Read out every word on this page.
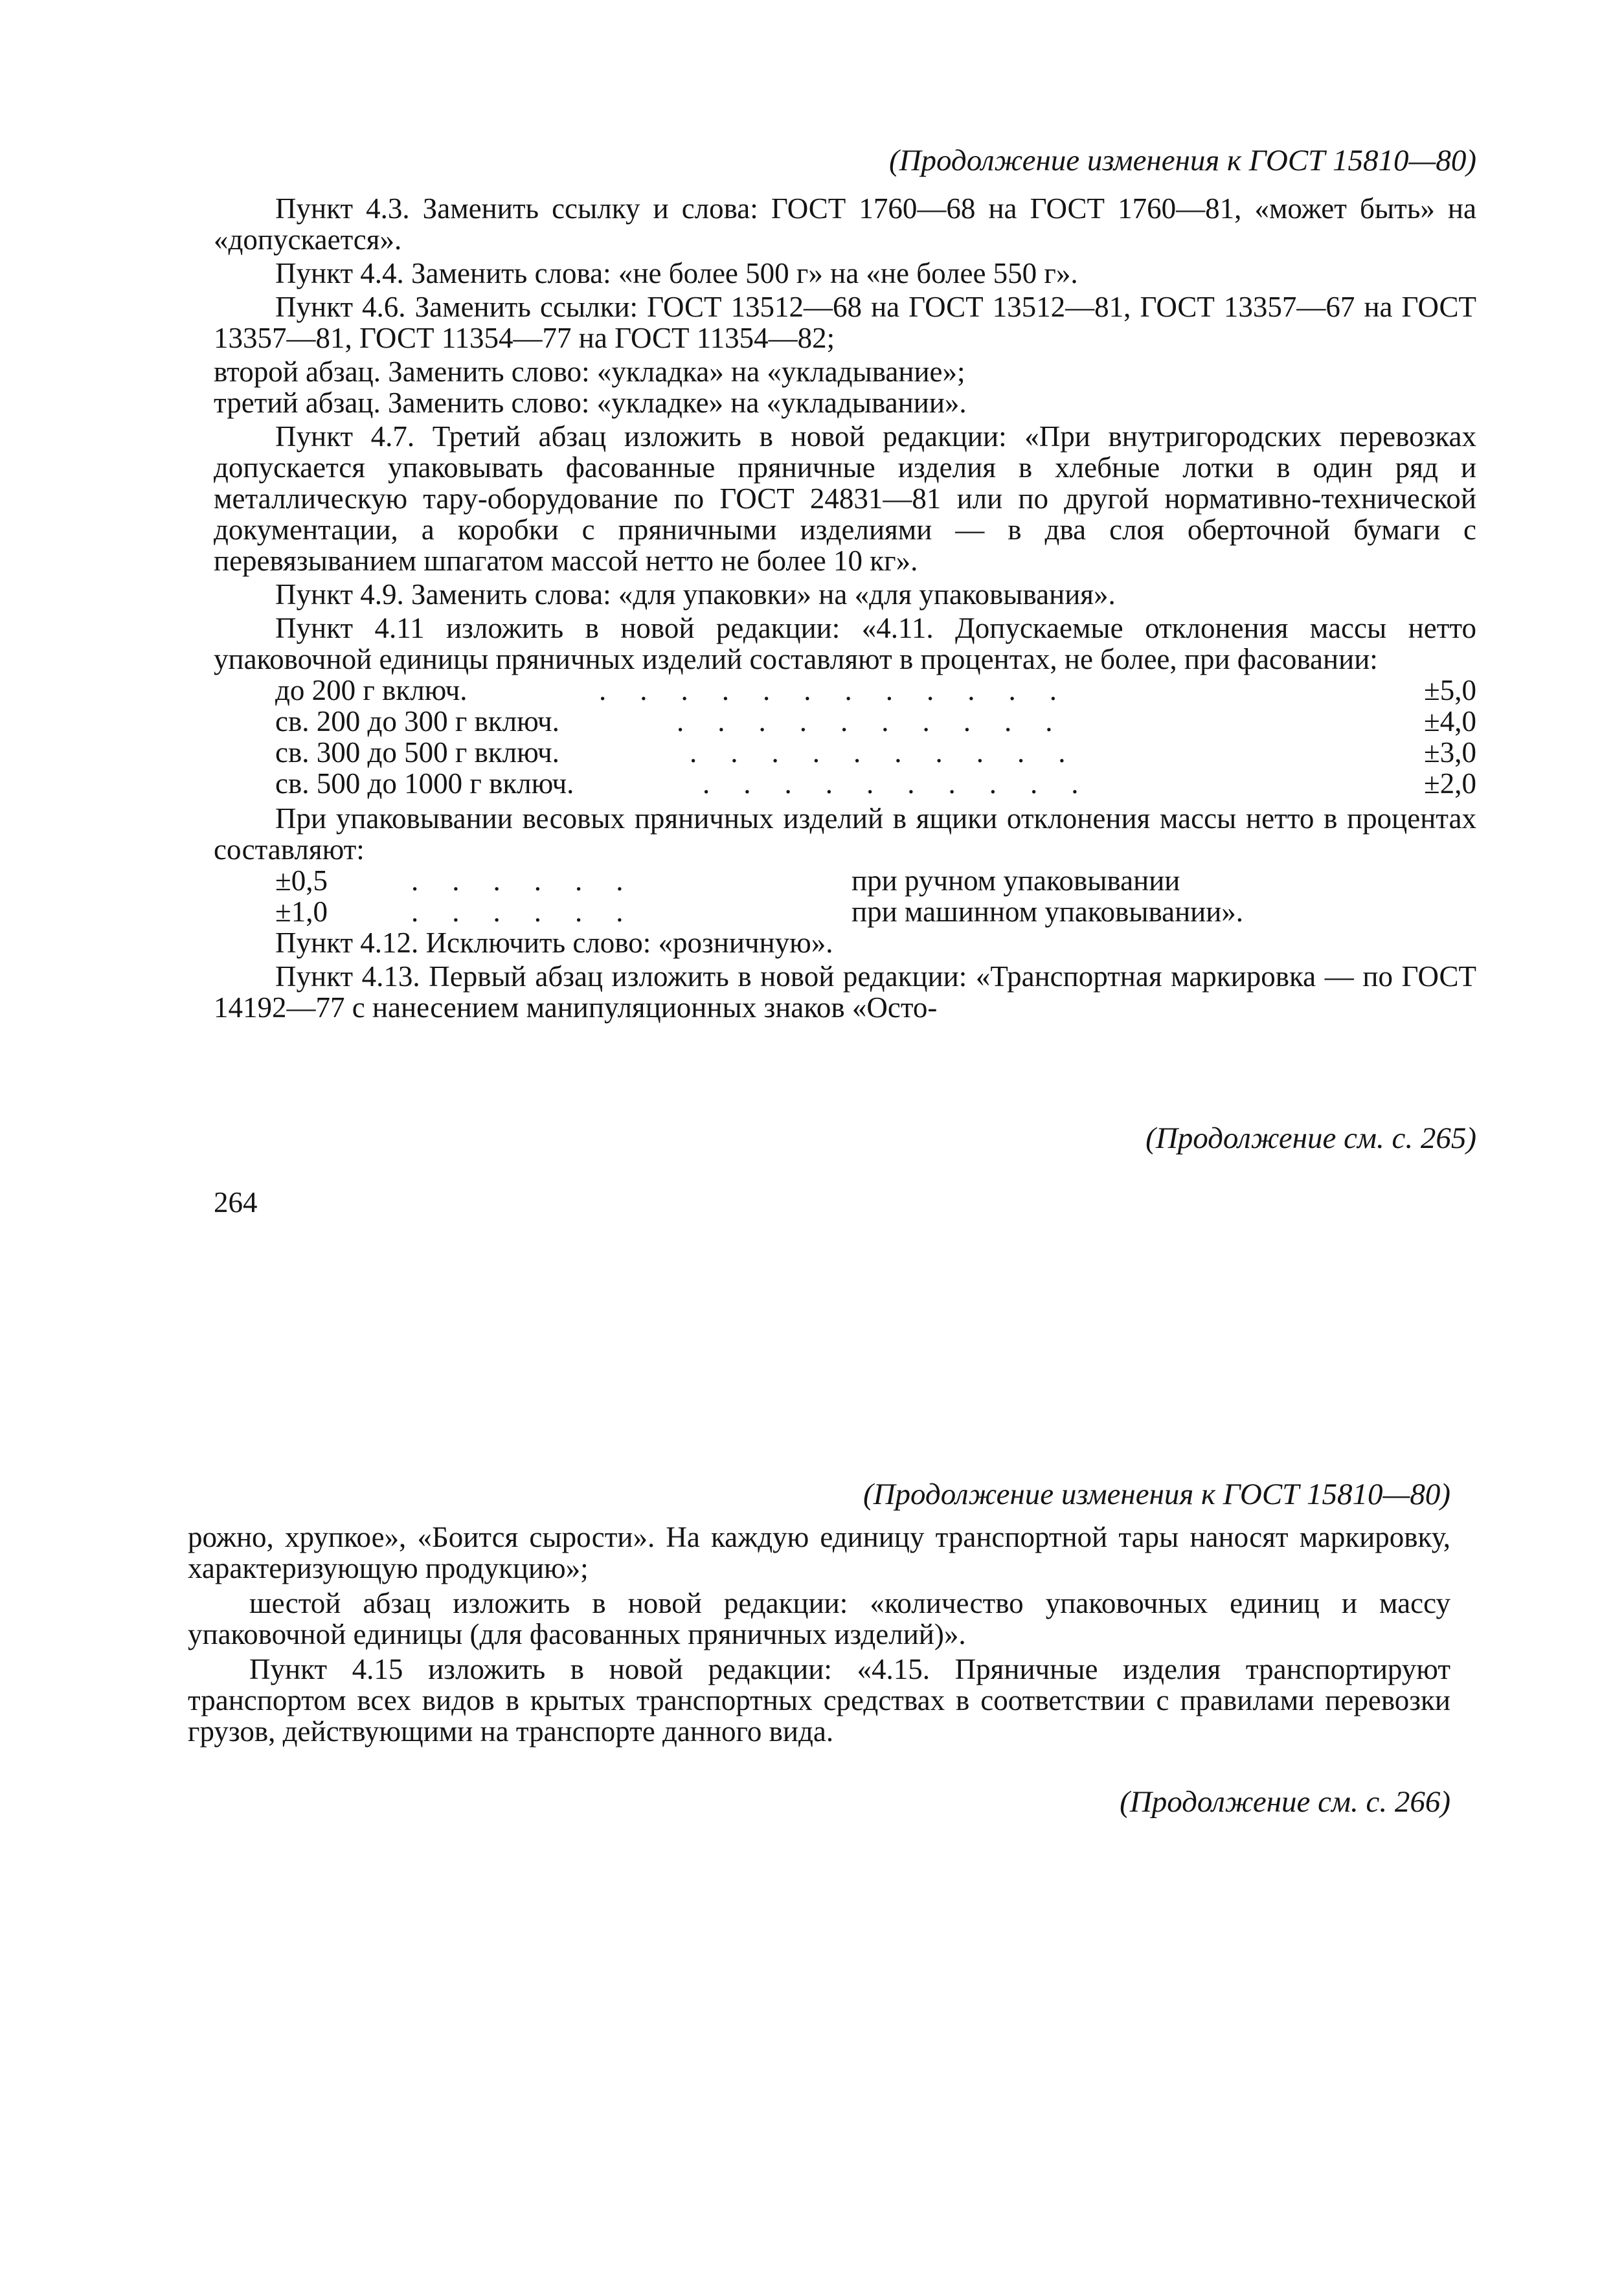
(Продолжение изменения к ГОСТ 15810—80)

Пункт 4.3. Заменить ссылку и слова: ГОСТ 1760—68 на ГОСТ 1760—81, «может быть» на «допускается».

Пункт 4.4. Заменить слова: «не более 500 г» на «не более 550 г».

Пункт 4.6. Заменить ссылки: ГОСТ 13512—68 на ГОСТ 13512—81, ГОСТ 13357—67 на ГОСТ 13357—81, ГОСТ 11354—77 на ГОСТ 11354—82;

второй абзац. Заменить слово: «укладка» на «укладывание»;

третий абзац. Заменить слово: «укладке» на «укладывании».

Пункт 4.7. Третий абзац изложить в новой редакции: «При внутригородских перевозках допускается упаковывать фасованные пряничные изделия в хлебные лотки в один ряд и металлическую тару-оборудование по ГОСТ 24831—81 или по другой нормативно-технической документации, а коробки с пряничными изделиями — в два слоя оберточной бумаги с перевязыванием шпагатом массой нетто не более 10 кг».

Пункт 4.9. Заменить слова: «для упаковки» на «для упаковывания».

Пункт 4.11 изложить в новой редакции: «4.11. Допускаемые отклонения массы нетто упаковочной единицы пряничных изделий составляют в процентах, не более, при фасовании:

до 200 г включ.	............	±5,0
св. 200 до 300 г включ.	..........	±4,0
св. 300 до 500 г включ.	..........	±3,0
св. 500 до 1000 г включ.	..........	±2,0

При упаковывании весовых пряничных изделий в ящики отклонения массы нетто в процентах составляют:

±0,5	......	при ручном упаковывании
±1,0	......	при машинном упаковывании».

Пункт 4.12. Исключить слово: «розничную».

Пункт 4.13. Первый абзац изложить в новой редакции: «Транспортная маркировка — по ГОСТ 14192—77 с нанесением манипуляционных знаков «Осто-

(Продолжение см. с. 265)
264
(Продолжение изменения к ГОСТ 15810—80)

рожно, хрупкое», «Боится сырости». На каждую единицу транспортной тары наносят маркировку, характеризующую продукцию»;

шестой абзац изложить в новой редакции: «количество упаковочных единиц и массу упаковочной единицы (для фасованных пряничных изделий)».

Пункт 4.15 изложить в новой редакции: «4.15. Пряничные изделия транспортируют транспортом всех видов в крытых транспортных средствах в соответствии с правилами перевозки грузов, действующими на транспорте данного вида.

(Продолжение см. с. 266)
